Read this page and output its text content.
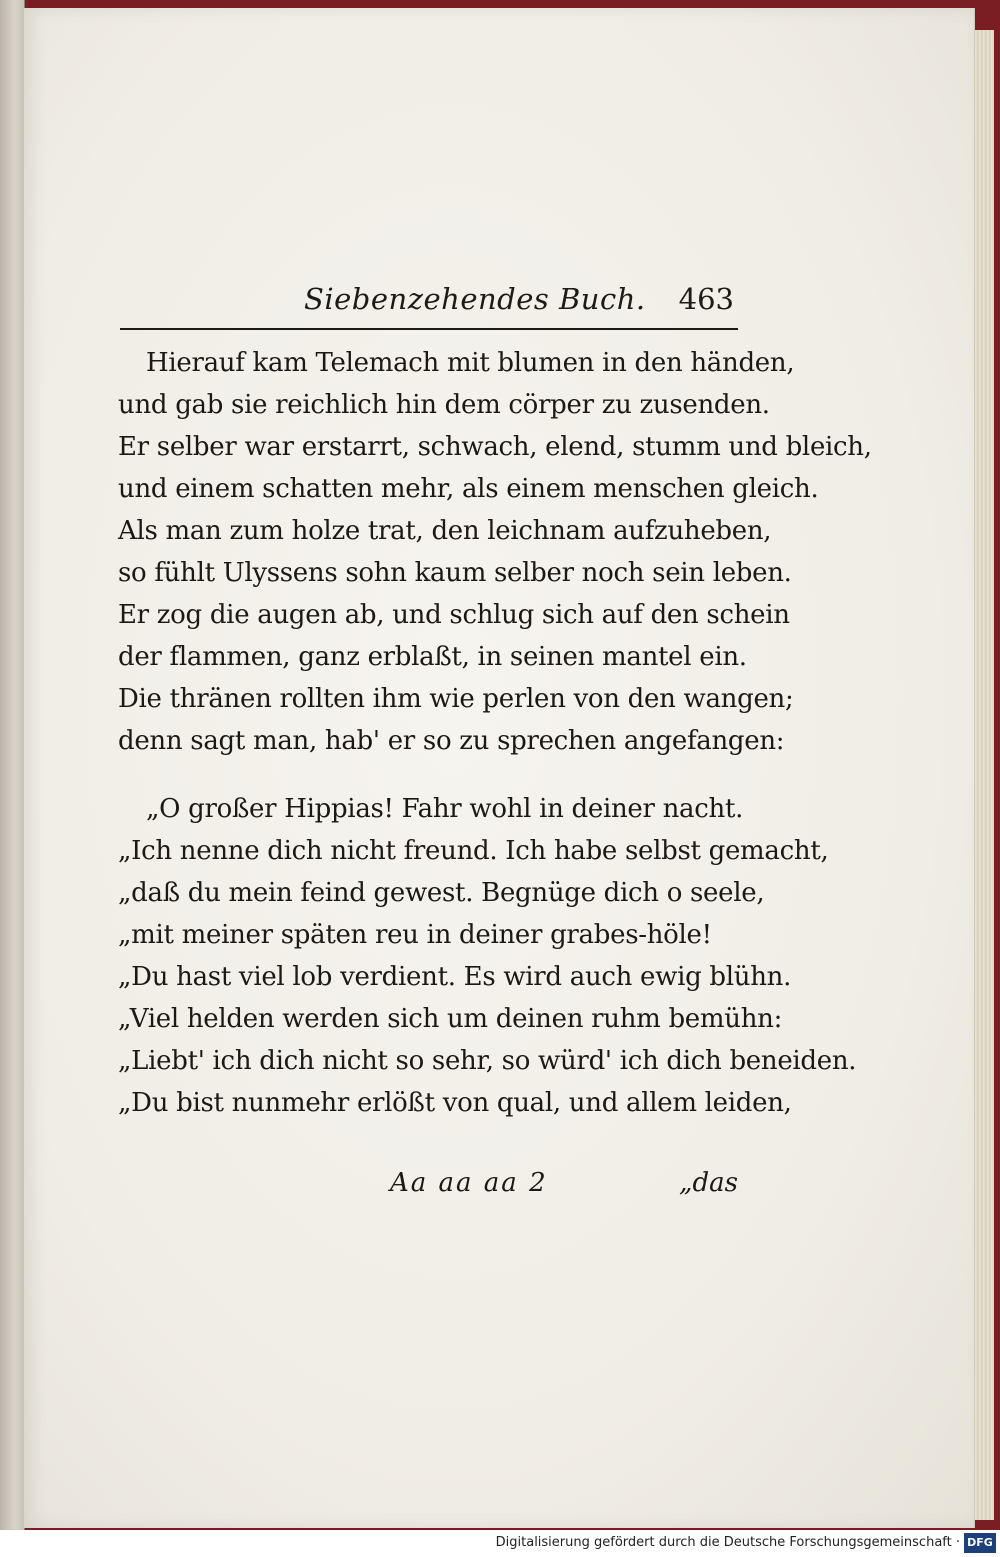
Siebenzehendes Buch. 463
Hierauf kam Telemach mit blumen in den händen,
und gab sie reichlich hin dem cörper zu zusenden.
Er selber war erstarrt, schwach, elend, stumm und bleich,
und einem schatten mehr, als einem menschen gleich.
Als man zum holze trat, den leichnam aufzuheben,
so fühlt Ulyssens sohn kaum selber noch sein leben.
Er zog die augen ab, und schlug sich auf den schein
der flammen, ganz erblaßt, in seinen mantel ein.
Die thränen rollten ihm wie perlen von den wangen;
denn sagt man, hab' er so zu sprechen angefangen:
„O großer Hippias! Fahr wohl in deiner nacht.
„Ich nenne dich nicht freund. Ich habe selbst gemacht,
„daß du mein feind gewest. Begnüge dich o seele,
„mit meiner späten reu in deiner grabes-höle!
„Du hast viel lob verdient. Es wird auch ewig blühn.
„Viel helden werden sich um deinen ruhm bemühn:
„Liebt' ich dich nicht so sehr, so würd' ich dich beneiden.
„Du bist nunmehr erlößt von qual, und allem leiden,
Aa aa aa 2	„das
Digitalisierung gefördert durch die Deutsche Forschungsgemeinschaft · DFG
